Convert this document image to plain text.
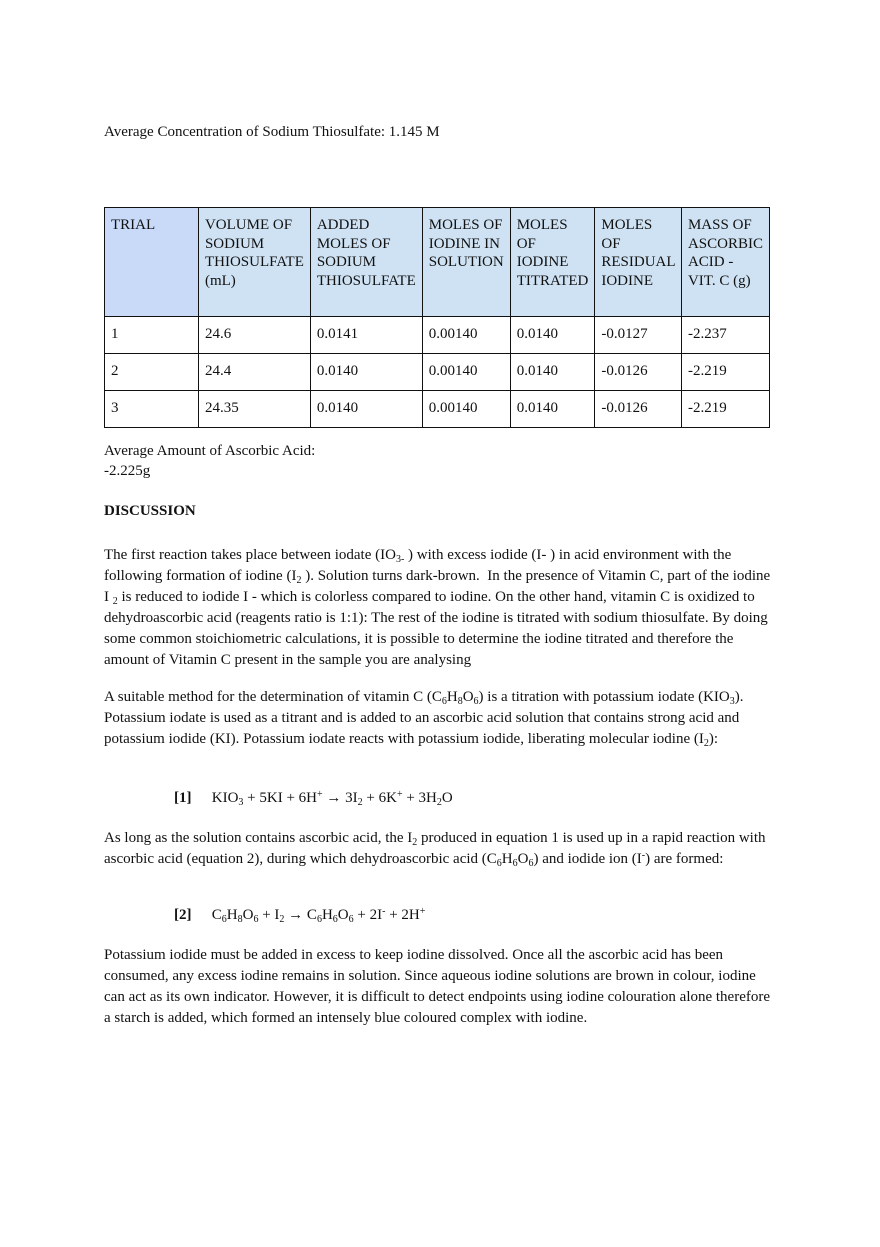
Average Concentration of Sodium Thiosulfate: 1.145 M
TRIAL	VOLUME OF SODIUM THIOSULFATE (mL)	ADDED MOLES OF SODIUM THIOSULFATE	MOLES OF IODINE IN SOLUTION	MOLES OF IODINE TITRATED	MOLES OF RESIDUAL IODINE	MASS OF ASCORBIC ACID - VIT. C (g)
1	24.6	0.0141	0.00140	0.0140	-0.0127	-2.237
2	24.4	0.0140	0.00140	0.0140	-0.0126	-2.219
3	24.35	0.0140	0.00140	0.0140	-0.0126	-2.219
Average Amount of Ascorbic Acid:
-2.225g
DISCUSSION

The first reaction takes place between iodate ($IO_{3-}$ ) with excess iodide (I- ) in acid environment with the following formation of iodine ($I_2$ ). Solution turns dark-brown.  In the presence of Vitamin C, part of the iodine I $_2$ is reduced to iodide I - which is colorless compared to iodine. On the other hand, vitamin C is oxidized to dehydroascorbic acid (reagents ratio is 1:1): The rest of the iodine is titrated with sodium thiosulfate. By doing some common stoichiometric calculations, it is possible to determine the iodine titrated and therefore the amount of Vitamin C present in the sample you are analysing

A suitable method for the determination of vitamin C $(C_6H_8O_6)$ is a titration with potassium iodate $(KIO_3)$. Potassium iodate is used as a titrant and is added to an ascorbic acid solution that contains strong acid and potassium iodide (KI). Potassium iodate reacts with potassium iodide, liberating molecular iodine $(I_2)$:

[1] $KIO_3 + 5KI + 6H^+ \to 3I_2 + 6K^+ + 3H_2O$

As long as the solution contains ascorbic acid, the $I_2$ produced in equation 1 is used up in a rapid reaction with ascorbic acid (equation 2), during which dehydroascorbic acid $(C_6H_6O_6)$ and iodide ion (I-) are formed:

[2] $C_6H_8O_6 + I_2 \to C_6H_6O_6 + 2I^- + 2H^+$

Potassium iodide must be added in excess to keep iodine dissolved. Once all the ascorbic acid has been consumed, any excess iodine remains in solution. Since aqueous iodine solutions are brown in colour, iodine can act as its own indicator. However, it is difficult to detect endpoints using iodine colouration alone therefore a starch is added, which formed an intensely blue coloured complex with iodine.
